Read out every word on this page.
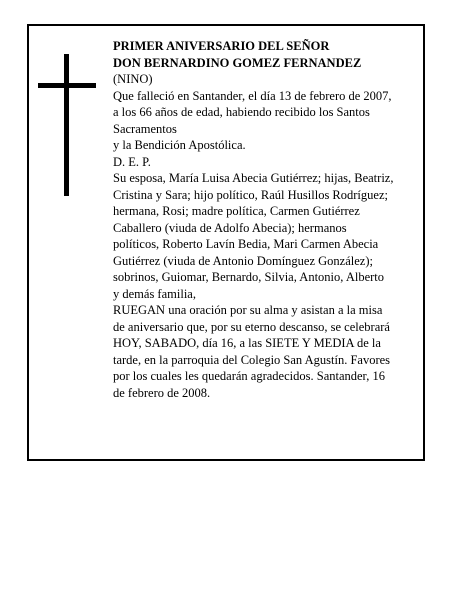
PRIMER ANIVERSARIO DEL SEÑOR
DON BERNARDINO GOMEZ FERNANDEZ
(NINO)
Que falleció en Santander, el día 13 de febrero de 2007,
a los 66 años de edad, habiendo recibido los Santos
Sacramentos
y la Bendición Apostólica.
D. E. P.
Su esposa, María Luisa Abecia Gutiérrez; hijas, Beatriz,
Cristina y Sara; hijo político, Raúl Husillos Rodríguez;
hermana, Rosi; madre política, Carmen Gutiérrez
Caballero (viuda de Adolfo Abecia); hermanos
políticos, Roberto Lavín Bedia, Mari Carmen Abecia
Gutiérrez (viuda de Antonio Domínguez González);
sobrinos, Guiomar, Bernardo, Silvia, Antonio, Alberto
y demás familia,
RUEGAN una oración por su alma y asistan a la misa
de aniversario que, por su eterno descanso, se celebrará
HOY, SABADO, día 16, a las SIETE Y MEDIA de la
tarde, en la parroquia del Colegio San Agustín. Favores
por los cuales les quedarán agradecidos. Santander, 16
de febrero de 2008.
